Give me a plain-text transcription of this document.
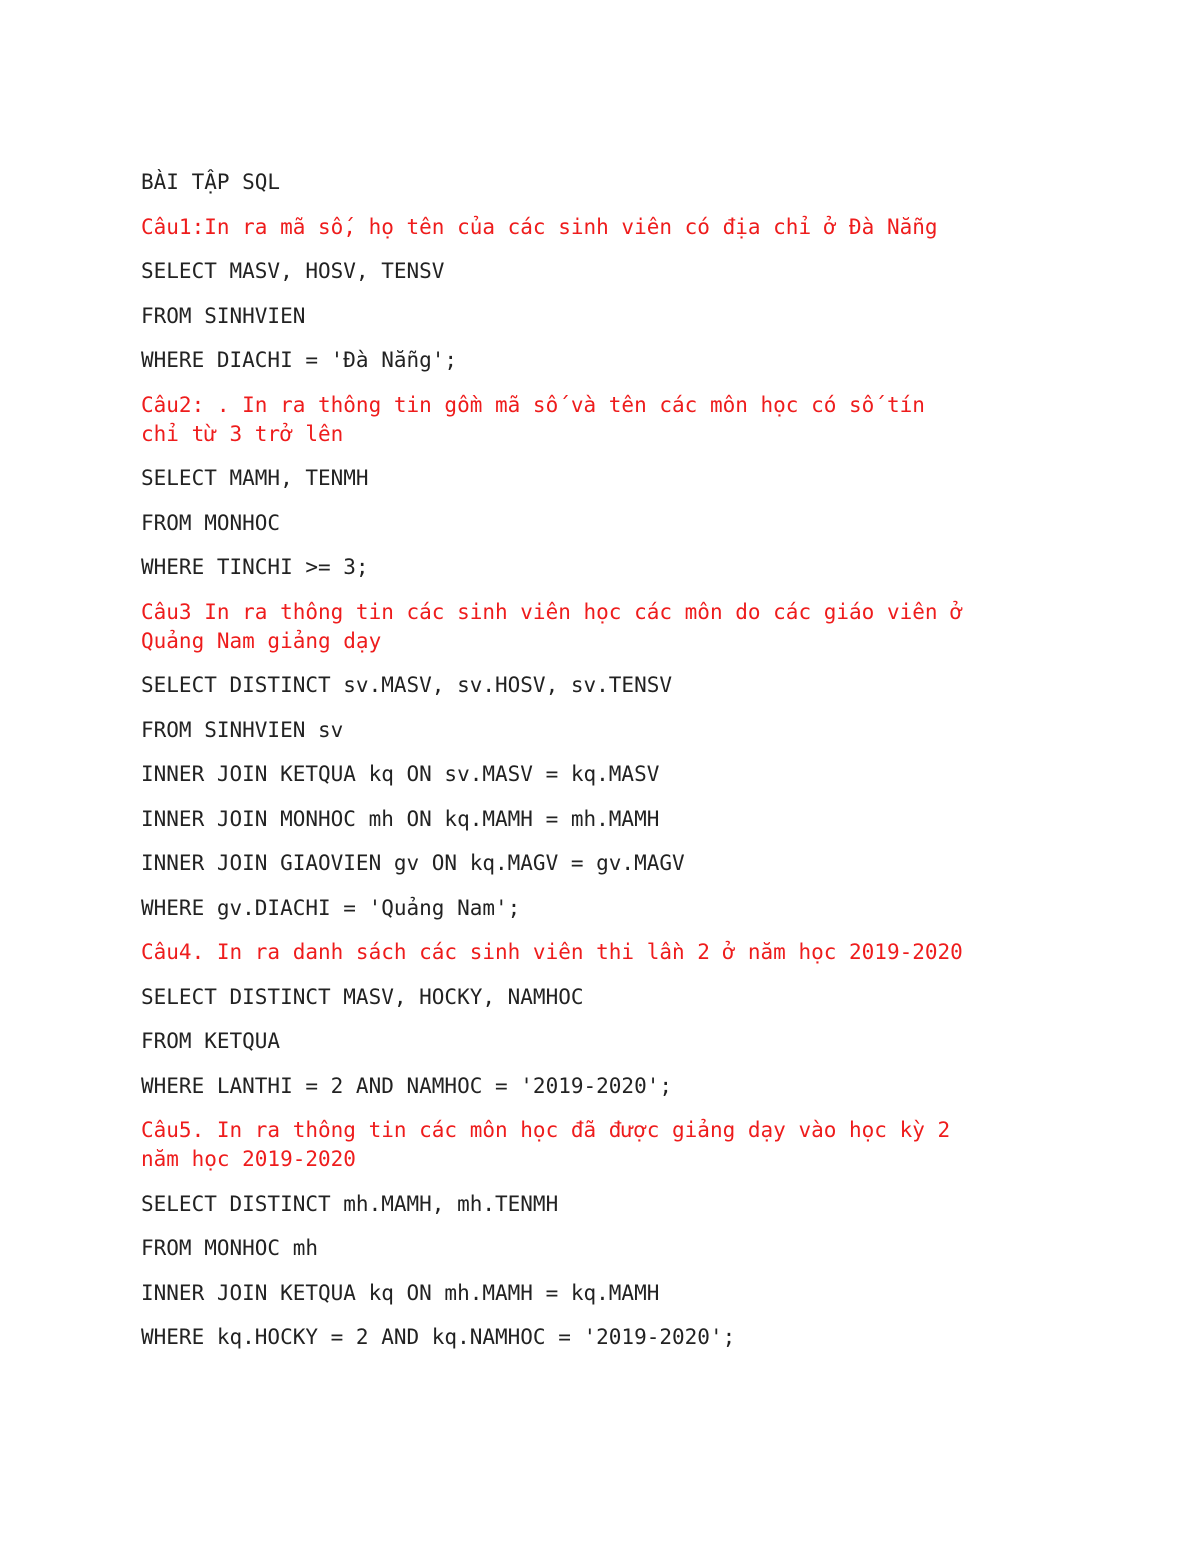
BÀI TẬP SQL
Câu1:In ra mã số, họ tên của các sinh viên có địa chỉ ở Đà Nẵng
SELECT MASV, HOSV, TENSV
FROM SINHVIEN
WHERE DIACHI = 'Đà Nẵng';
Câu2: . In ra thông tin gồm mã số và tên các môn học có số tín
chỉ từ 3 trở lên
SELECT MAMH, TENMH
FROM MONHOC
WHERE TINCHI >= 3;
Câu3 In ra thông tin các sinh viên học các môn do các giáo viên ở
Quảng Nam giảng dạy
SELECT DISTINCT sv.MASV, sv.HOSV, sv.TENSV
FROM SINHVIEN sv
INNER JOIN KETQUA kq ON sv.MASV = kq.MASV
INNER JOIN MONHOC mh ON kq.MAMH = mh.MAMH
INNER JOIN GIAOVIEN gv ON kq.MAGV = gv.MAGV
WHERE gv.DIACHI = 'Quảng Nam';
Câu4. In ra danh sách các sinh viên thi lần 2 ở năm học 2019-2020
SELECT DISTINCT MASV, HOCKY, NAMHOC
FROM KETQUA
WHERE LANTHI = 2 AND NAMHOC = '2019-2020';
Câu5. In ra thông tin các môn học đã được giảng dạy vào học kỳ 2
năm học 2019-2020
SELECT DISTINCT mh.MAMH, mh.TENMH
FROM MONHOC mh
INNER JOIN KETQUA kq ON mh.MAMH = kq.MAMH
WHERE kq.HOCKY = 2 AND kq.NAMHOC = '2019-2020';
